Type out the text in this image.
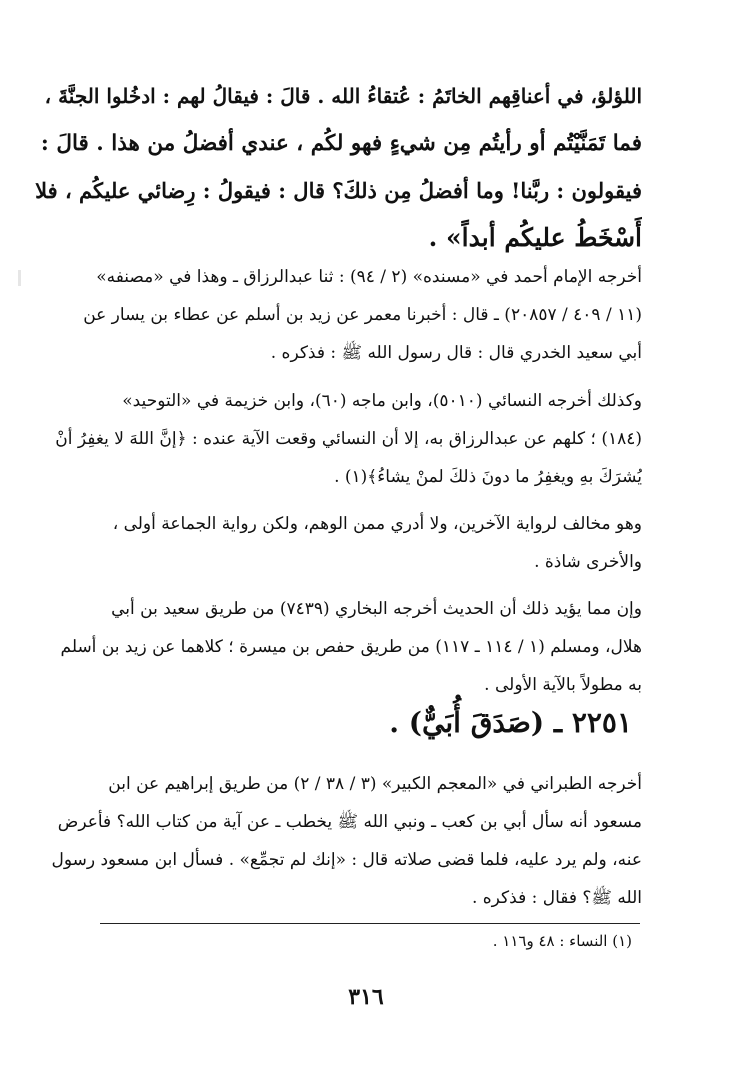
اللؤلؤ، في أعناقِهم الخاتَمُ : عُتقاءُ الله . قالَ : فيقالُ لهم : ادخُلوا الجنَّةَ ،
فما تَمَنَّيْتُم أو رأيتُم مِن شيءٍ فهو لكُم ، عندي أفضلُ من هذا . قالَ :
فيقولون : ربَّنا! وما أفضلُ مِن ذلكَ؟ قال : فيقولُ : رِضائي عليكُم ، فلا
أَسْخَطُ عليكُم أبداً» .
أخرجه الإمام أحمد في «مسنده» (٢ / ٩٤) : ثنا عبدالرزاق ـ وهذا في «مصنفه»
(١١ / ٤٠٩ / ٢٠٨٥٧) ـ قال : أخبرنا معمر عن زيد بن أسلم عن عطاء بن يسار عن
أبي سعيد الخدري قال : قال رسول الله ﷺ : فذكره .
وكذلك أخرجه النسائي (٥٠١٠)، وابن ماجه (٦٠)، وابن خزيمة في «التوحيد»
(١٨٤) ؛ كلهم عن عبدالرزاق به، إلا أن النسائي وقعت الآية عنده : ﴿إنَّ اللهَ لا يغفِرُ أنْ
يُشرَكَ بهِ ويغفِرُ ما دونَ ذلكَ لمنْ يشاءُ﴾(١) .
وهو مخالف لرواية الآخرين، ولا أدري ممن الوهم، ولكن رواية الجماعة أولى ،
والأخرى شاذة .
وإن مما يؤيد ذلك أن الحديث أخرجه البخاري (٧٤٣٩) من طريق سعيد بن أبي
هلال، ومسلم (١ / ١١٤ ـ ١١٧) من طريق حفص بن ميسرة ؛ كلاهما عن زيد بن أسلم
به مطولاً بالآية الأولى .
٢٢٥١ ـ (صَدَقَ أُبَيٌّ) .
أخرجه الطبراني في «المعجم الكبير» (٣ / ٣٨ / ٢) من طريق إبراهيم عن ابن
مسعود أنه سأل أبي بن كعب ـ ونبي الله ﷺ يخطب ـ عن آية من كتاب الله؟ فأعرض
عنه، ولم يرد عليه، فلما قضى صلاته قال : «إنك لم تجمِّع» . فسأل ابن مسعود رسول
الله ﷺ؟ فقال : فذكره .
(١) النساء : ٤٨ و١١٦ .
٣١٦
